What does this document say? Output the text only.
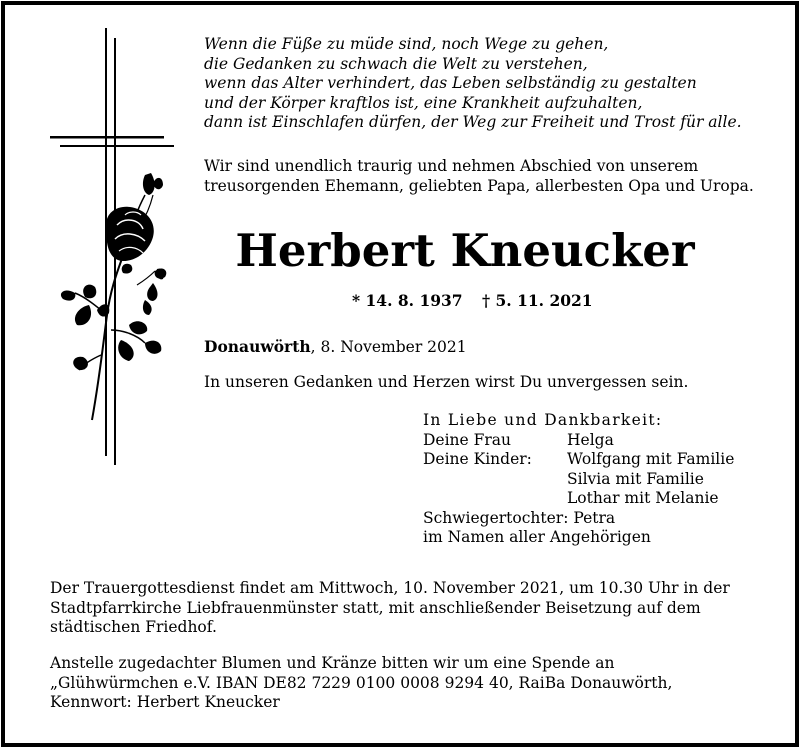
Wenn die Füße zu müde sind, noch Wege zu gehen,
die Gedanken zu schwach die Welt zu verstehen,
wenn das Alter verhindert, das Leben selbständig zu gestalten
und der Körper kraftlos ist, eine Krankheit aufzuhalten,
dann ist Einschlafen dürfen, der Weg zur Freiheit und Trost für alle.
Wir sind unendlich traurig und nehmen Abschied von unserem
treusorgenden Ehemann, geliebten Papa, allerbesten Opa und Uropa.
Herbert Kneucker
* 14. 8. 1937 † 5. 11. 2021
Donauwörth, 8. November 2021
In unseren Gedanken und Herzen wirst Du unvergessen sein.
In Liebe und Dankbarkeit:
Deine Frau	Helga
Deine Kinder: Wolfgang mit Familie
Silvia mit Familie
Lothar mit Melanie
Schwiegertochter: Petra
im Namen aller Angehörigen
Der Trauergottesdienst findet am Mittwoch, 10. November 2021, um 10.30 Uhr in der
Stadtpfarrkirche Liebfrauenmünster statt, mit anschließender Beisetzung auf dem
städtischen Friedhof.
Anstelle zugedachter Blumen und Kränze bitten wir um eine Spende an
„Glühwürmchen e.V. IBAN DE82 7229 0100 0008 9294 40, RaiBa Donauwörth,
Kennwort: Herbert Kneucker
